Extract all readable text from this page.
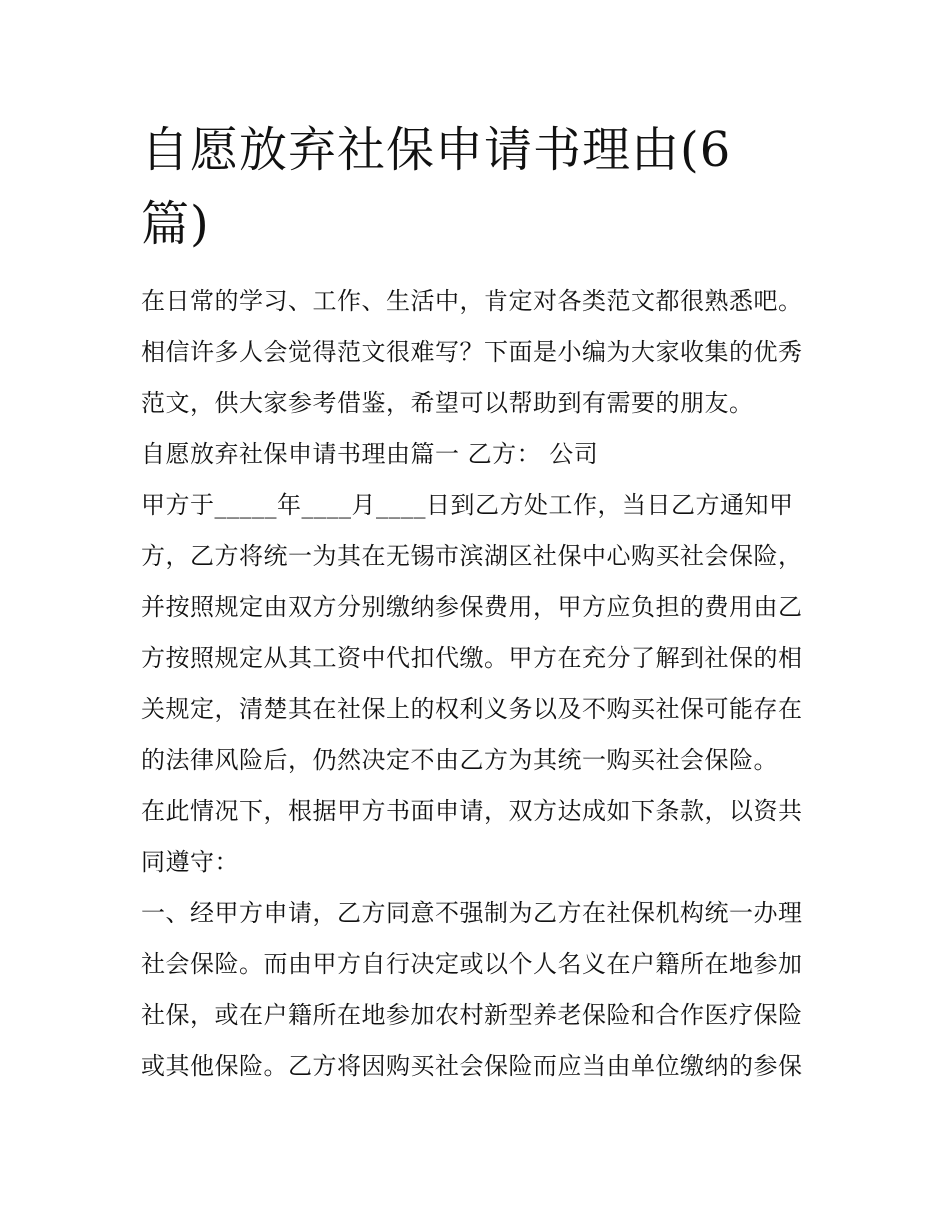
自愿放弃社保申请书理由(6
篇)
在日常的学习、工作、生活中，肯定对各类范文都很熟悉吧。
相信许多人会觉得范文很难写？下面是小编为大家收集的优秀
范文，供大家参考借鉴，希望可以帮助到有需要的朋友。
自愿放弃社保申请书理由篇一 乙方： 公司
甲方于_____年____月____日到乙方处工作，当日乙方通知甲
方，乙方将统一为其在无锡市滨湖区社保中心购买社会保险，
并按照规定由双方分别缴纳参保费用，甲方应负担的费用由乙
方按照规定从其工资中代扣代缴。甲方在充分了解到社保的相
关规定，清楚其在社保上的权利义务以及不购买社保可能存在
的法律风险后，仍然决定不由乙方为其统一购买社会保险。
在此情况下，根据甲方书面申请，双方达成如下条款，以资共
同遵守：
一、经甲方申请，乙方同意不强制为乙方在社保机构统一办理
社会保险。而由甲方自行决定或以个人名义在户籍所在地参加
社保，或在户籍所在地参加农村新型养老保险和合作医疗保险
或其他保险。乙方将因购买社会保险而应当由单位缴纳的参保
